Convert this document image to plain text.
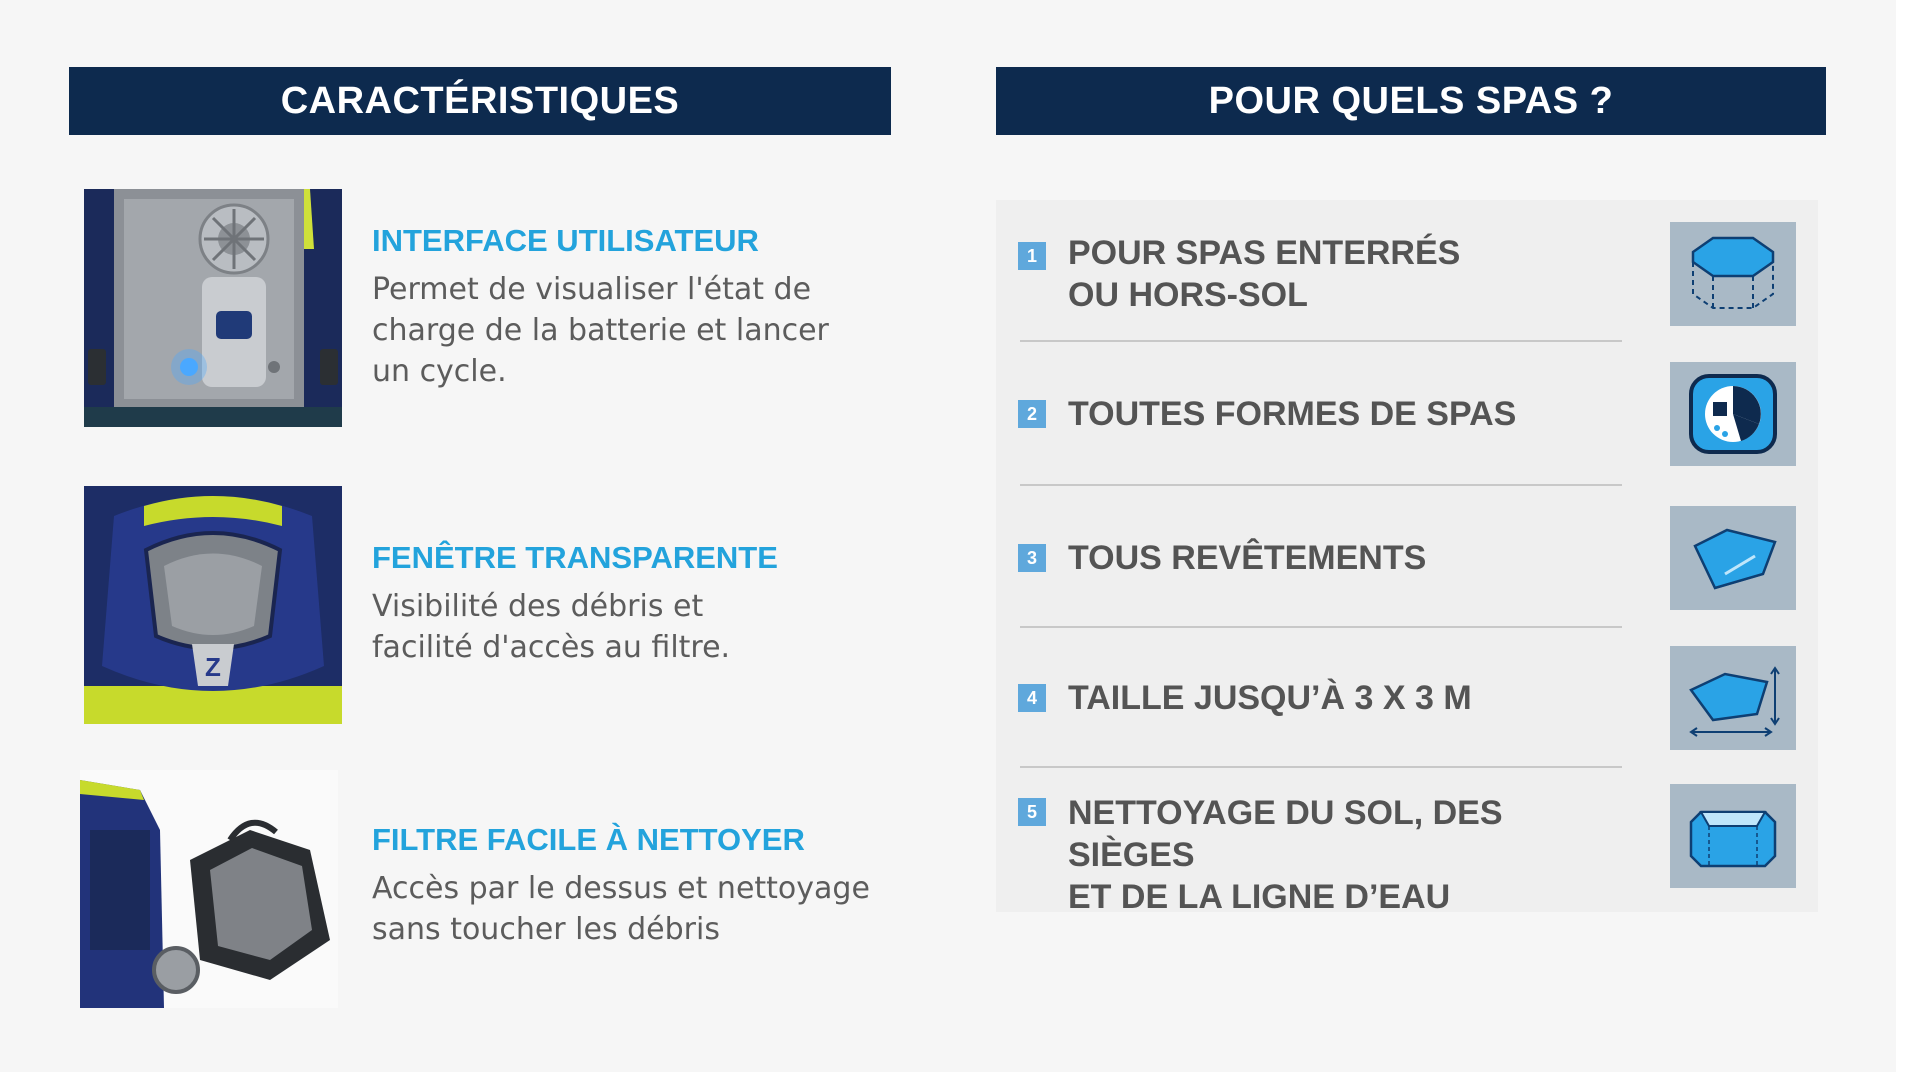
CARACTÉRISTIQUES	POUR QUELS SPAS ?
INTERFACE UTILISATEUR
Permet de visualiser l'état de
charge de la batterie et lancer
un cycle.
Z
FENÊTRE TRANSPARENTE
Visibilité des débris et
facilité d'accès au filtre.
FILTRE FACILE À NETTOYER
Accès par le dessus et nettoyage
sans toucher les débris
1 POUR SPAS ENTERRÉS
OU HORS-SOL
2 TOUTES FORMES DE SPAS
3 TOUS REVÊTEMENTS
4 TAILLE JUSQU’À 3 X 3 M
5 NETTOYAGE DU SOL, DES SIÈGES
ET DE LA LIGNE D’EAU
